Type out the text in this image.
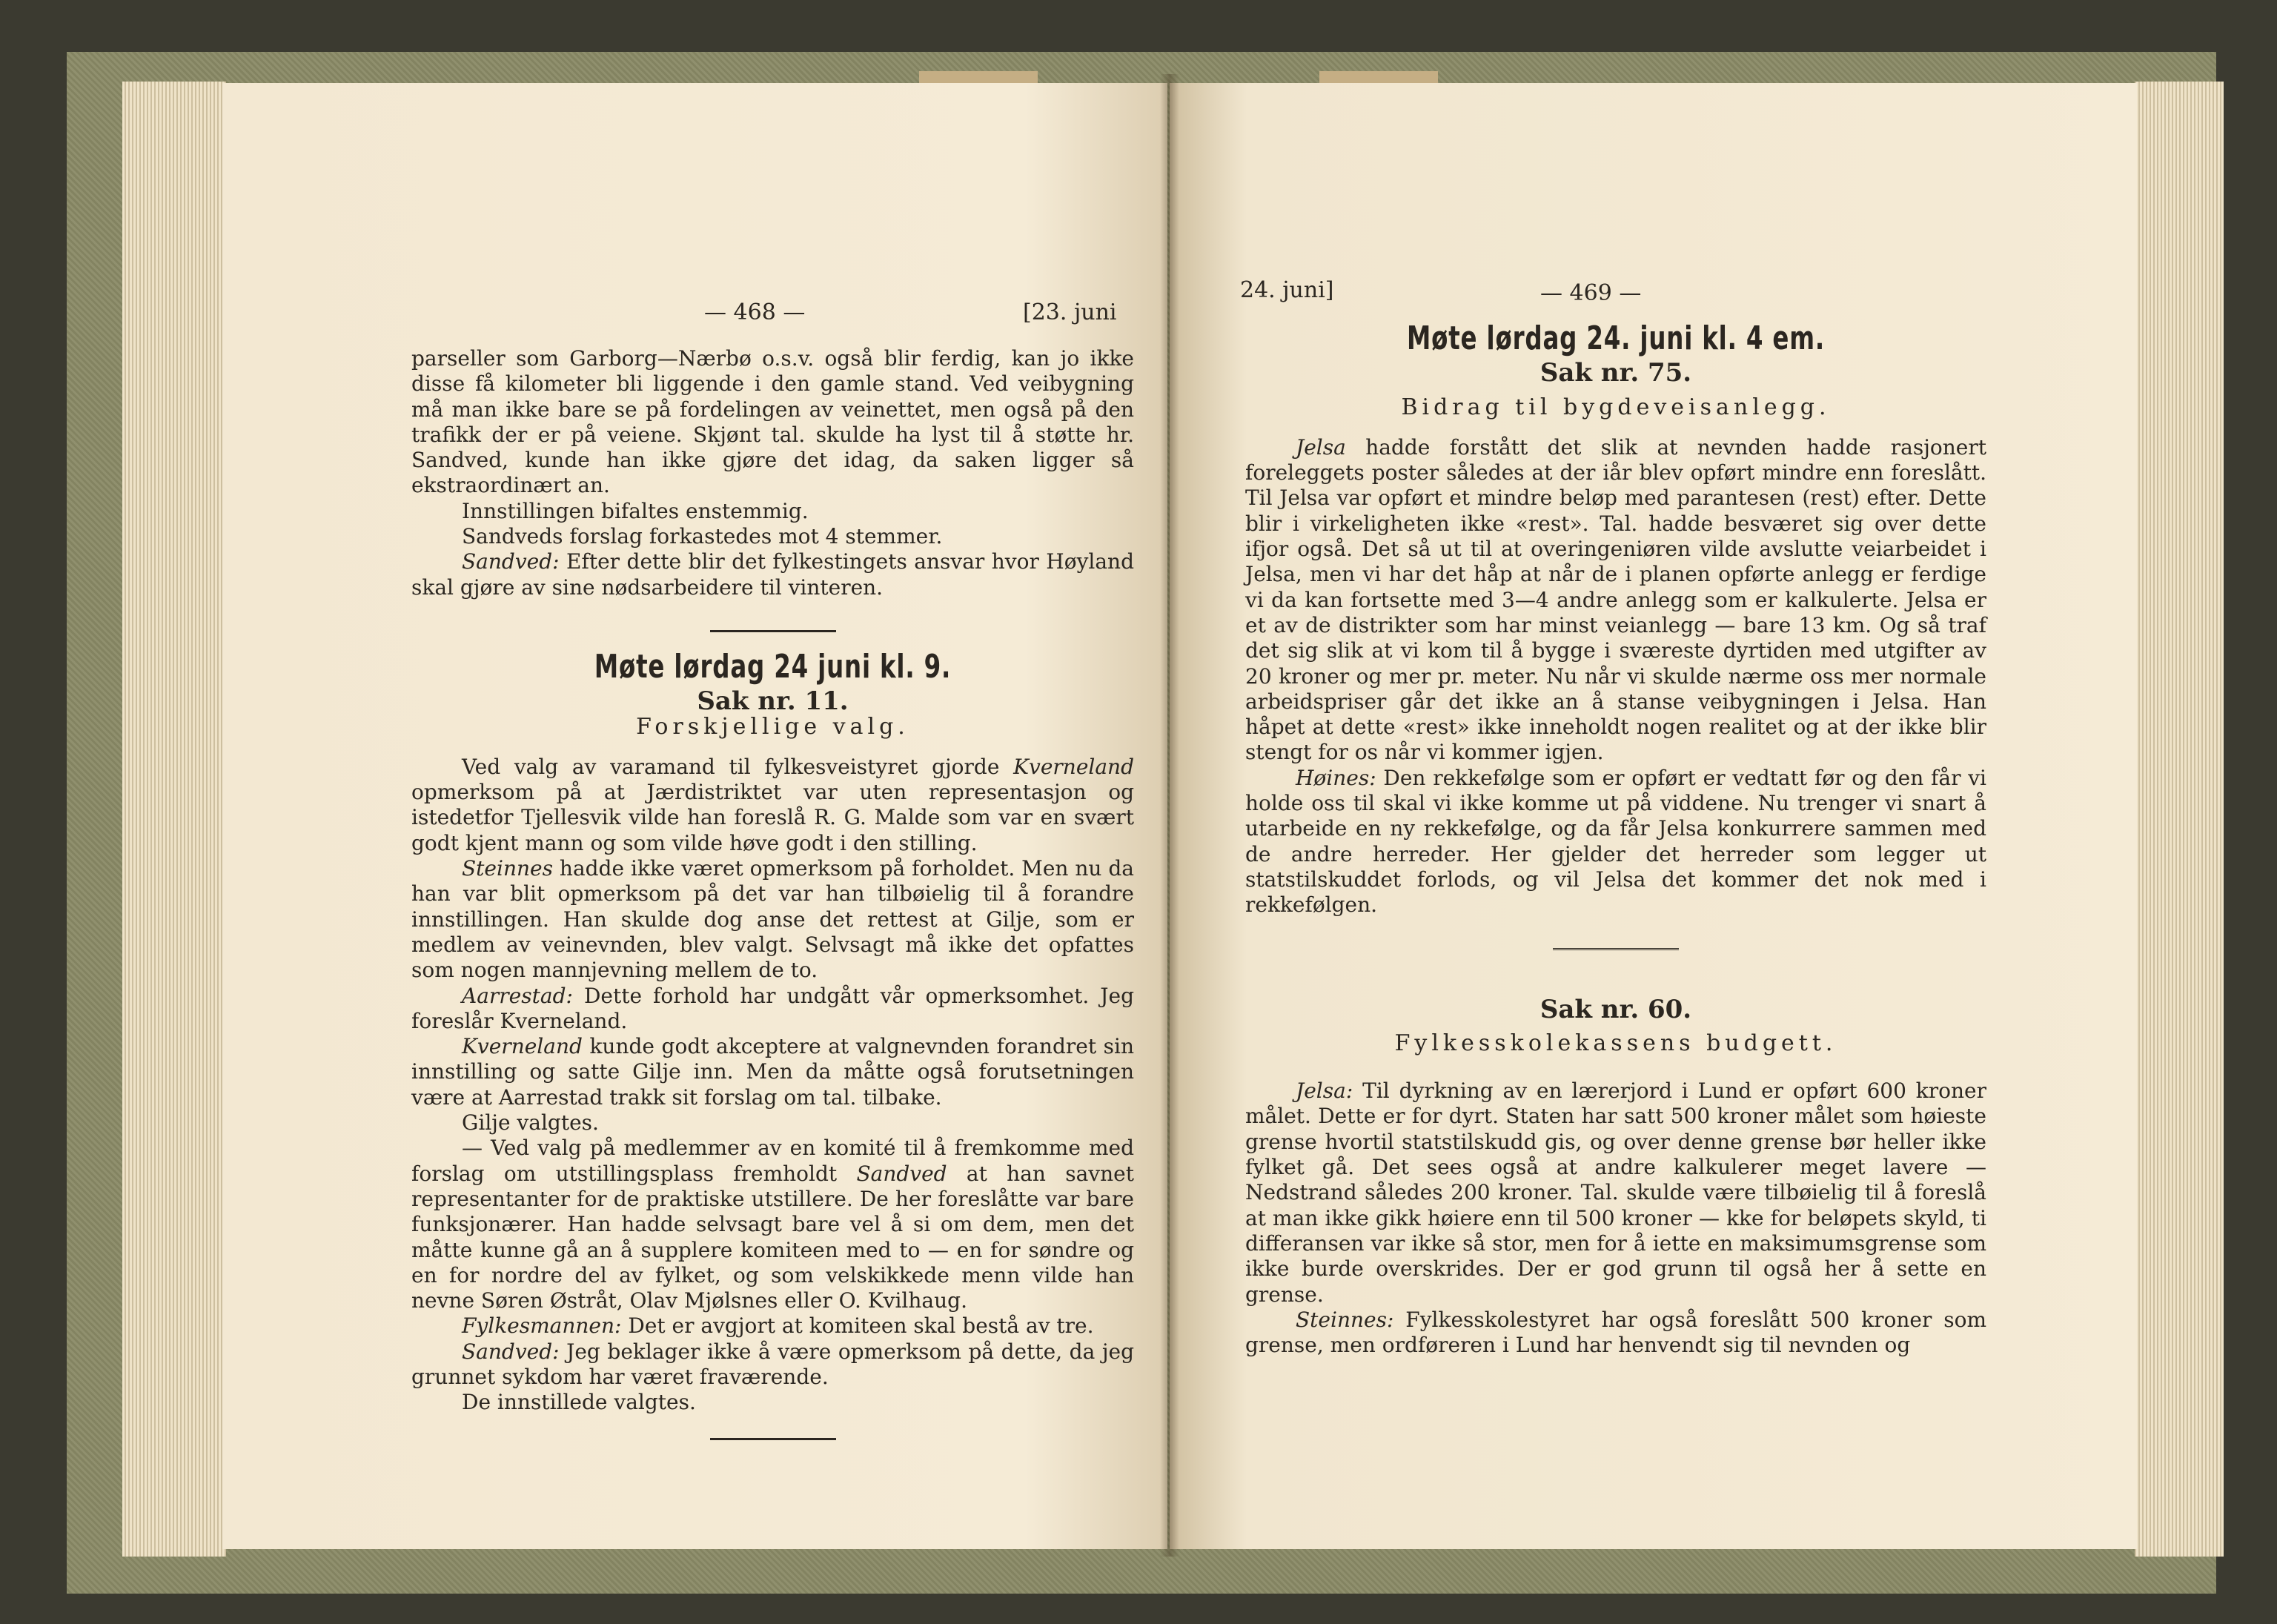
— 468 —	[23. juni

parseller som Garborg—Nærbø o.s.v. også blir ferdig, kan jo ikke disse få kilometer bli liggende i den gamle stand. Ved veibygning må man ikke bare se på fordelingen av veinettet, men også på den trafikk der er på veiene. Skjønt tal. skulde ha lyst til å støtte hr. Sandved, kunde han ikke gjøre det idag, da saken ligger så ekstraordinært an.

Innstillingen bifaltes enstemmig.

Sandveds forslag forkastedes mot 4 stemmer.

Sandved: Efter dette blir det fylkestingets ansvar hvor Høyland skal gjøre av sine nødsarbeidere til vinteren.

Møte lørdag 24 juni kl. 9.
Sak nr. 11.
Forskjellige valg.

Ved valg av varamand til fylkesveistyret gjorde Kverneland opmerksom på at Jærdistriktet var uten representasjon og istedetfor Tjellesvik vilde han foreslå R. G. Malde som var en svært godt kjent mann og som vilde høve godt i den stilling.

Steinnes hadde ikke været opmerksom på forholdet. Men nu da han var blit opmerksom på det var han tilbøielig til å forandre innstillingen. Han skulde dog anse det rettest at Gilje, som er medlem av veinevnden, blev valgt. Selvsagt må ikke det opfattes som nogen mannjevning mellem de to.

Aarrestad: Dette forhold har undgått vår opmerksomhet. Jeg foreslår Kverneland.

Kverneland kunde godt akceptere at valgnevnden forandret sin innstilling og satte Gilje inn. Men da måtte også forutsetningen være at Aarrestad trakk sit forslag om tal. tilbake.

Gilje valgtes.

— Ved valg på medlemmer av en komité til å fremkomme med forslag om utstillingsplass fremholdt Sandved at han savnet representanter for de praktiske utstillere. De her foreslåtte var bare funksjonærer. Han hadde selvsagt bare vel å si om dem, men det måtte kunne gå an å supplere komiteen med to — en for søndre og en for nordre del av fylket, og som velskikkede menn vilde han nevne Søren Østråt, Olav Mjølsnes eller O. Kvilhaug.

Fylkesmannen: Det er avgjort at komiteen skal bestå av tre.

Sandved: Jeg beklager ikke å være opmerksom på dette, da jeg grunnet sykdom har været fraværende.

De innstillede valgtes.

24. juni]	— 469 —
Møte lørdag 24. juni kl. 4 em.
Sak nr. 75.
Bidrag til bygdeveisanlegg.

Jelsa hadde forstått det slik at nevnden hadde rasjonert foreleggets poster således at der iår blev opført mindre enn foreslått. Til Jelsa var opført et mindre beløp med parantesen (rest) efter. Dette blir i virkeligheten ikke «rest». Tal. hadde besværet sig over dette ifjor også. Det så ut til at overingeniøren vilde avslutte veiarbeidet i Jelsa, men vi har det håp at når de i planen opførte anlegg er ferdige vi da kan fortsette med 3—4 andre anlegg som er kalkulerte. Jelsa er et av de distrikter som har minst veianlegg — bare 13 km. Og så traf det sig slik at vi kom til å bygge i sværeste dyrtiden med utgifter av 20 kroner og mer pr. meter. Nu når vi skulde nærme oss mer normale arbeidspriser går det ikke an å stanse veibygningen i Jelsa. Han håpet at dette «rest» ikke inneholdt nogen realitet og at der ikke blir stengt for os når vi kommer igjen.

Høines: Den rekkefølge som er opført er vedtatt før og den får vi holde oss til skal vi ikke komme ut på viddene. Nu trenger vi snart å utarbeide en ny rekkefølge, og da får Jelsa konkurrere sammen med de andre herreder. Her gjelder det herreder som legger ut statstilskuddet forlods, og vil Jelsa det kommer det nok med i rekkefølgen.

Sak nr. 60.
Fylkesskolekassens budgett.

Jelsa: Til dyrkning av en lærerjord i Lund er opført 600 kroner målet. Dette er for dyrt. Staten har satt 500 kroner målet som høieste grense hvortil statstilskudd gis, og over denne grense bør heller ikke fylket gå. Det sees også at andre kalkulerer meget lavere — Nedstrand således 200 kroner. Tal. skulde være tilbøielig til å foreslå at man ikke gikk høiere enn til 500 kroner — kke for beløpets skyld, ti differansen var ikke så stor, men for å iette en maksimumsgrense som ikke burde overskrides. Der er god grunn til også her å sette en grense.

Steinnes: Fylkesskolestyret har også foreslått 500 kroner som grense, men ordføreren i Lund har henvendt sig til nevnden og
